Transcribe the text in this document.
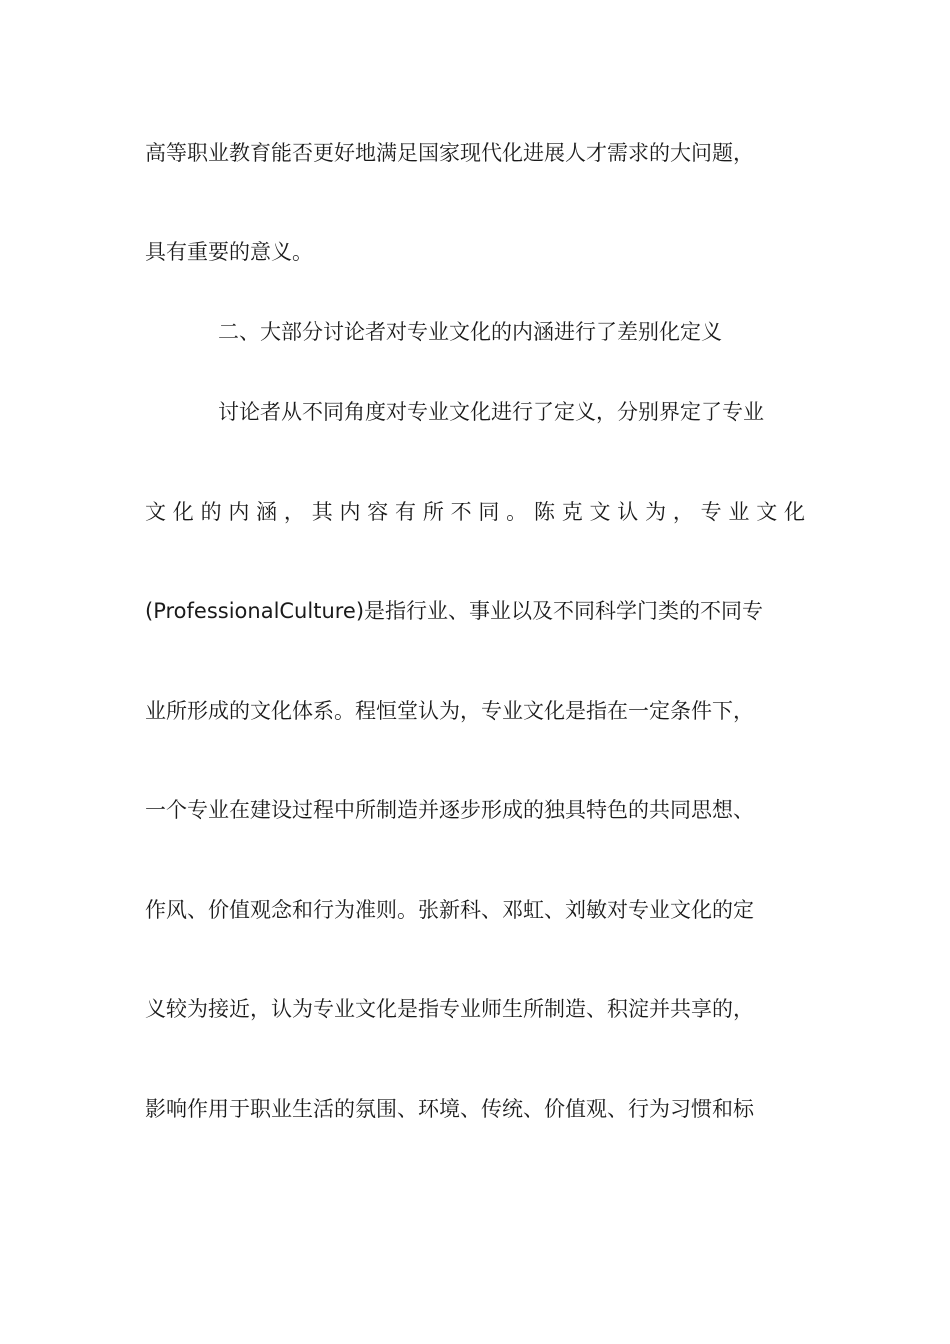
高等职业教育能否更好地满足国家现代化进展人才需求的大问题，
具有重要的意义。
二、大部分讨论者对专业文化的内涵进行了差别化定义
讨论者从不同角度对专业文化进行了定义，分别界定了专业
文 化 的 内 涵 ， 其 内 容 有 所 不 同 。 陈 克 文 认 为 ， 专 业 文 化
(ProfessionalCulture)是指行业、事业以及不同科学门类的不同专
业所形成的文化体系。程恒堂认为，专业文化是指在一定条件下，
一个专业在建设过程中所制造并逐步形成的独具特色的共同思想、
作风、价值观念和行为准则。张新科、邓虹、刘敏对专业文化的定
义较为接近，认为专业文化是指专业师生所制造、积淀并共享的，
影响作用于职业生活的氛围、环境、传统、价值观、行为习惯和标
